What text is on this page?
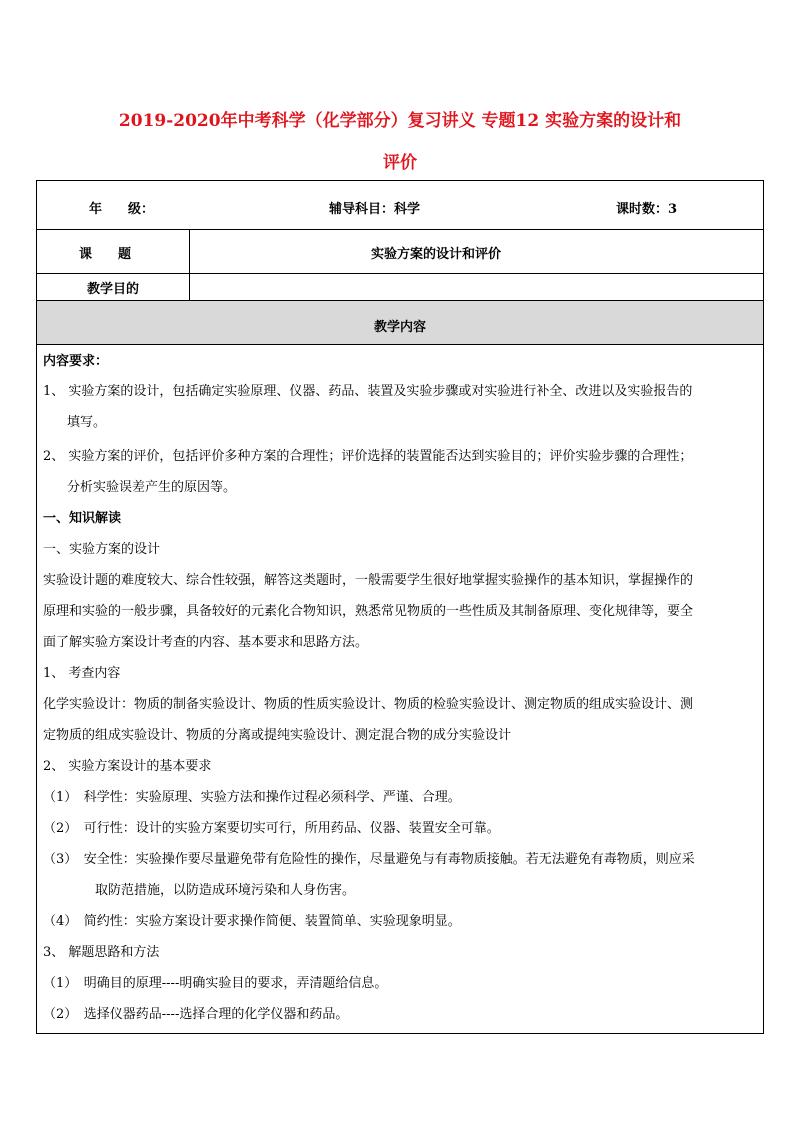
2019-2020年中考科学（化学部分）复习讲义 专题12 实验方案的设计和
评价
年　　级：	辅导科目：科学	课时数：3
课　　题	实验方案的设计和评价
教学目的
教学内容
内容要求：
1、 实验方案的设计，包括确定实验原理、仪器、药品、装置及实验步骤或对实验进行补全、改进以及实验报告的
填写。
2、 实验方案的评价，包括评价多种方案的合理性；评价选择的装置能否达到实验目的；评价实验步骤的合理性；
分析实验误差产生的原因等。
一、知识解读
一、实验方案的设计
实验设计题的难度较大、综合性较强，解答这类题时，一般需要学生很好地掌握实验操作的基本知识，掌握操作的
原理和实验的一般步骤，具备较好的元素化合物知识，熟悉常见物质的一些性质及其制备原理、变化规律等，要全
面了解实验方案设计考查的内容、基本要求和思路方法。
1、 考查内容
化学实验设计：物质的制备实验设计、物质的性质实验设计、物质的检验实验设计、测定物质的组成实验设计、测
定物质的组成实验设计、物质的分离或提纯实验设计、测定混合物的成分实验设计
2、 实验方案设计的基本要求
（1）　科学性：实验原理、实验方法和操作过程必须科学、严谨、合理。
（2）　可行性：设计的实验方案要切实可行，所用药品、仪器、装置安全可靠。
（3）　安全性：实验操作要尽量避免带有危险性的操作，尽量避免与有毒物质接触。若无法避免有毒物质，则应采
取防范措施，以防造成环境污染和人身伤害。
（4）　简约性：实验方案设计要求操作简便、装置简单、实验现象明显。
3、 解题思路和方法
（1）　明确目的原理----明确实验目的要求，弄清题给信息。
（2）　选择仪器药品----选择合理的化学仪器和药品。
